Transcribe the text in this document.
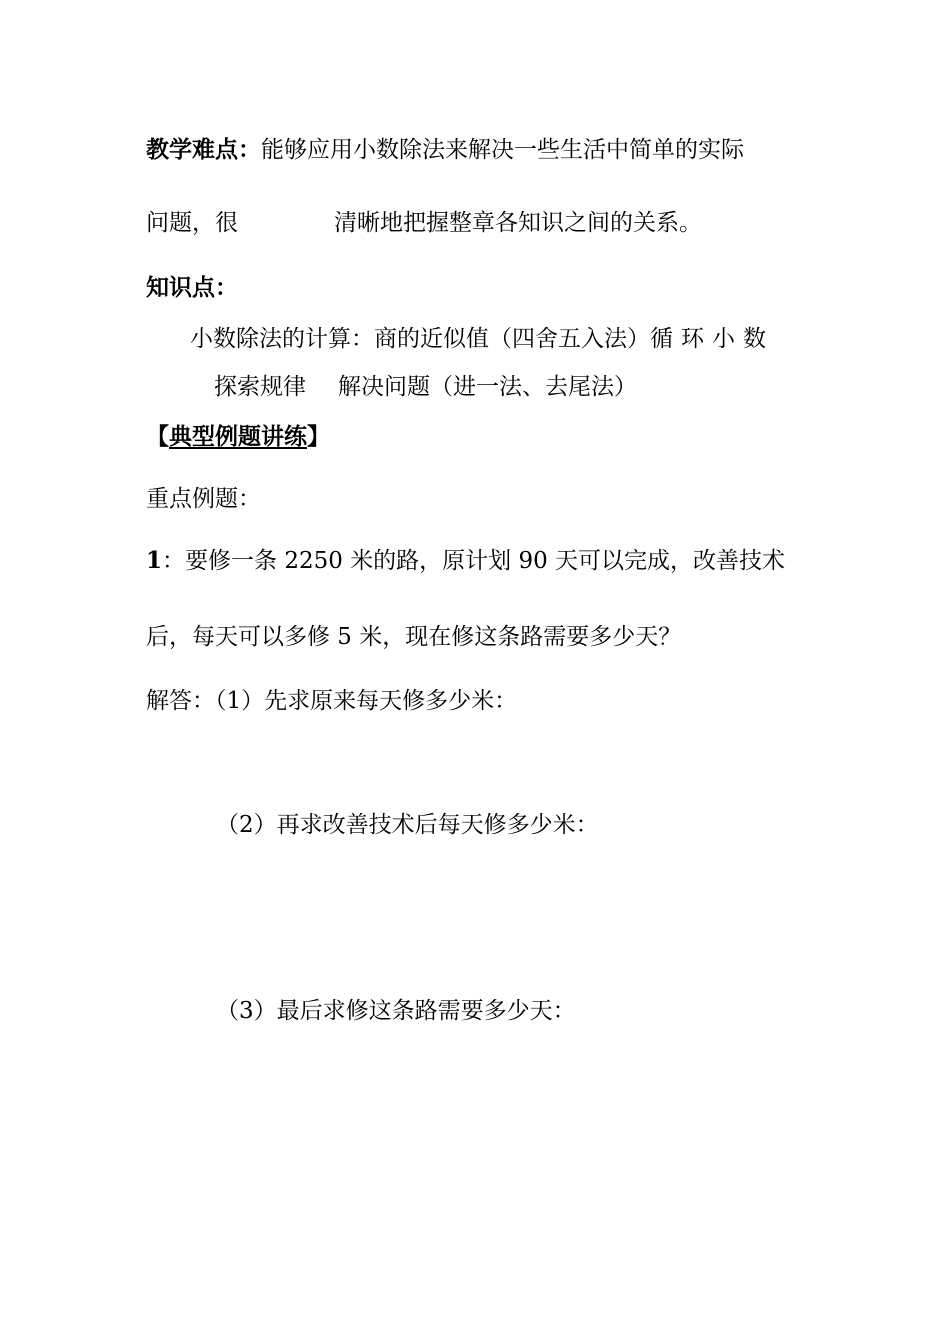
教学难点：能够应用小数除法来解决一些生活中简单的实际
问题，很	清晰地把握整章各知识之间的关系。
知识点：
小数除法的计算：商的近似值（四舍五入法）循 环 小 数
探索规律 解决问题（进一法、去尾法）
【典型例题讲练】
重点例题：
1：要修一条 2250 米的路，原计划 90 天可以完成，改善技术
后，每天可以多修 5 米，现在修这条路需要多少天？
解答：（1）先求原来每天修多少米：
（2）再求改善技术后每天修多少米：
（3）最后求修这条路需要多少天：
